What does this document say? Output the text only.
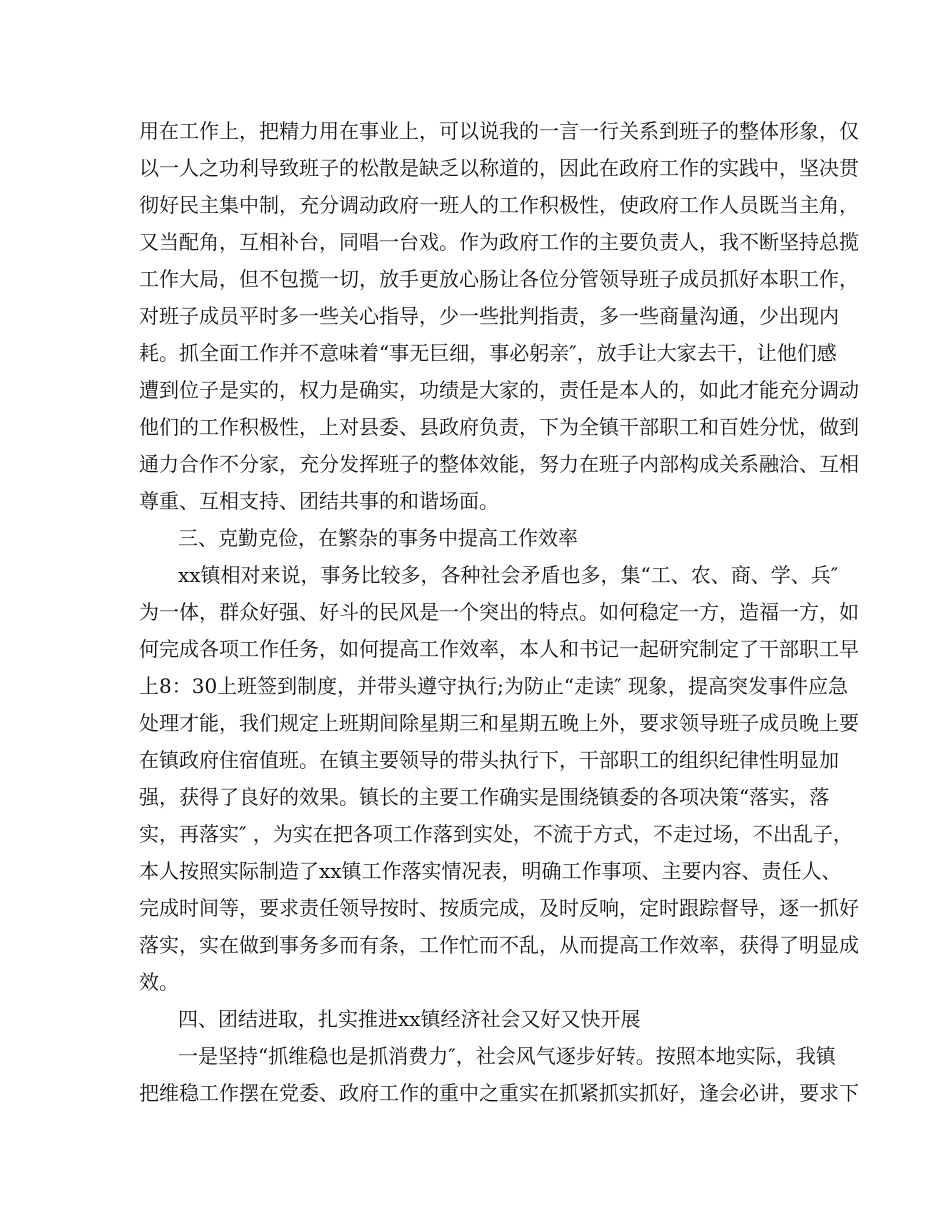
用在工作上，把精力用在事业上，可以说我的一言一行关系到班子的整体形象，仅
以一人之功利导致班子的松散是缺乏以称道的，因此在政府工作的实践中，坚决贯
彻好民主集中制，充分调动政府一班人的工作积极性，使政府工作人员既当主角，
又当配角，互相补台，同唱一台戏。作为政府工作的主要负责人，我不断坚持总揽
工作大局，但不包揽一切，放手更放心肠让各位分管领导班子成员抓好本职工作，
对班子成员平时多一些关心指导，少一些批判指责，多一些商量沟通，少出现内
耗。抓全面工作并不意味着“事无巨细，事必躬亲″，放手让大家去干，让他们感
遭到位子是实的，权力是确实，功绩是大家的，责任是本人的，如此才能充分调动
他们的工作积极性，上对县委、县政府负责，下为全镇干部职工和百姓分忧，做到
通力合作不分家，充分发挥班子的整体效能，努力在班子内部构成关系融洽、互相
尊重、互相支持、团结共事的和谐场面。
三、克勤克俭，在繁杂的事务中提高工作效率
xx镇相对来说，事务比较多，各种社会矛盾也多，集“工、农、商、学、兵″
为一体，群众好强、好斗的民风是一个突出的特点。如何稳定一方，造福一方，如
何完成各项工作任务，如何提高工作效率，本人和书记一起研究制定了干部职工早
上8：30上班签到制度，并带头遵守执行;为防止“走读″ 现象，提高突发事件应急
处理才能，我们规定上班期间除星期三和星期五晚上外，要求领导班子成员晚上要
在镇政府住宿值班。在镇主要领导的带头执行下，干部职工的组织纪律性明显加
强，获得了良好的效果。镇长的主要工作确实是围绕镇委的各项决策“落实，落
实，再落实″ ，为实在把各项工作落到实处，不流于方式，不走过场，不出乱子，
本人按照实际制造了xx镇工作落实情况表，明确工作事项、主要内容、责任人、
完成时间等，要求责任领导按时、按质完成，及时反响，定时跟踪督导，逐一抓好
落实，实在做到事务多而有条，工作忙而不乱，从而提高工作效率，获得了明显成
效。
四、团结进取，扎实推进xx镇经济社会又好又快开展
一是坚持“抓维稳也是抓消费力″，社会风气逐步好转。按照本地实际，我镇
把维稳工作摆在党委、政府工作的重中之重实在抓紧抓实抓好，逢会必讲，要求下
